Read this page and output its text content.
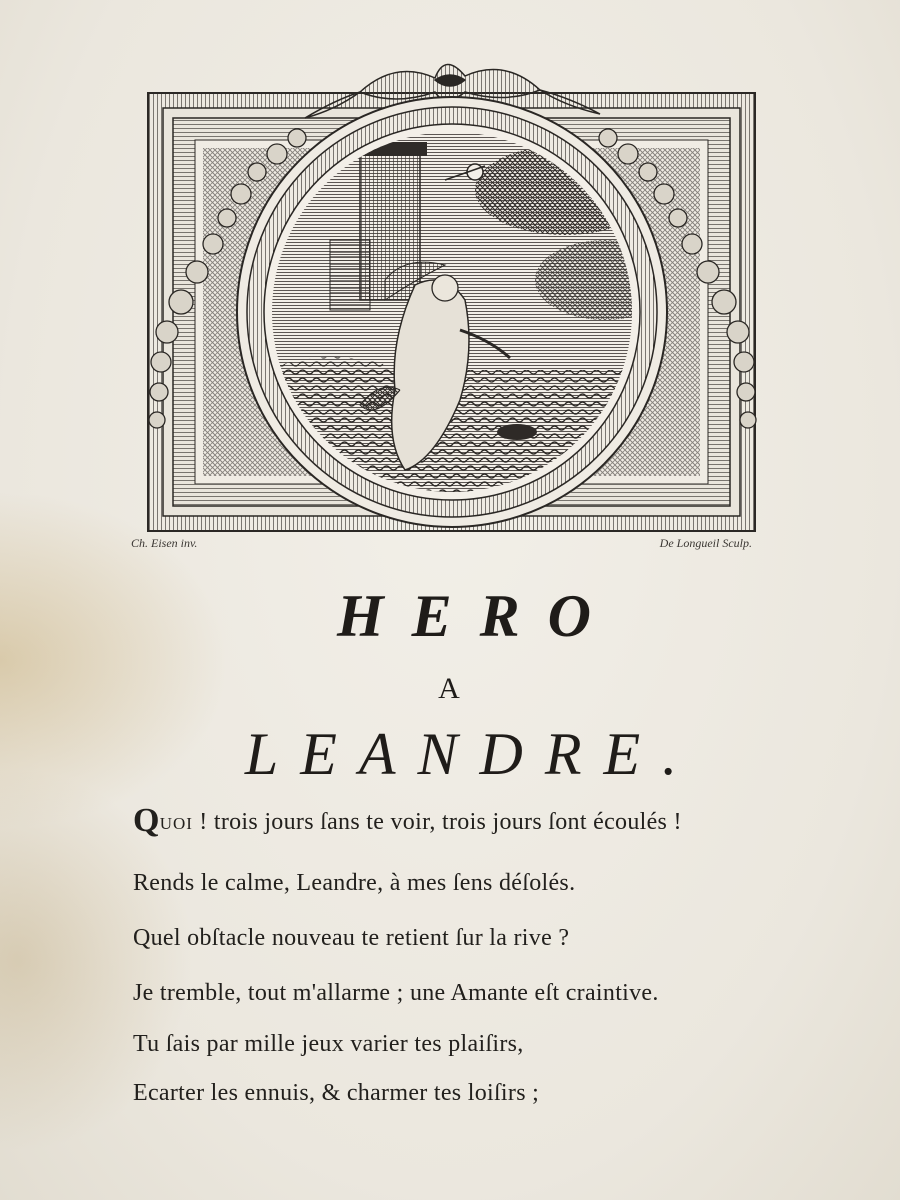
Ch. Eisen inv.	De Longueil Sculp.
HERO
A
LEANDRE.
QUOI ! trois jours ſans te voir, trois jours ſont écoulés !
Rends le calme, Leandre, à mes ſens déſolés.
Quel obſtacle nouveau te retient ſur la rive ?
Je tremble, tout m'allarme ; une Amante eſt craintive.
Tu ſais par mille jeux varier tes plaiſirs,
Ecarter les ennuis, & charmer tes loiſirs ;
